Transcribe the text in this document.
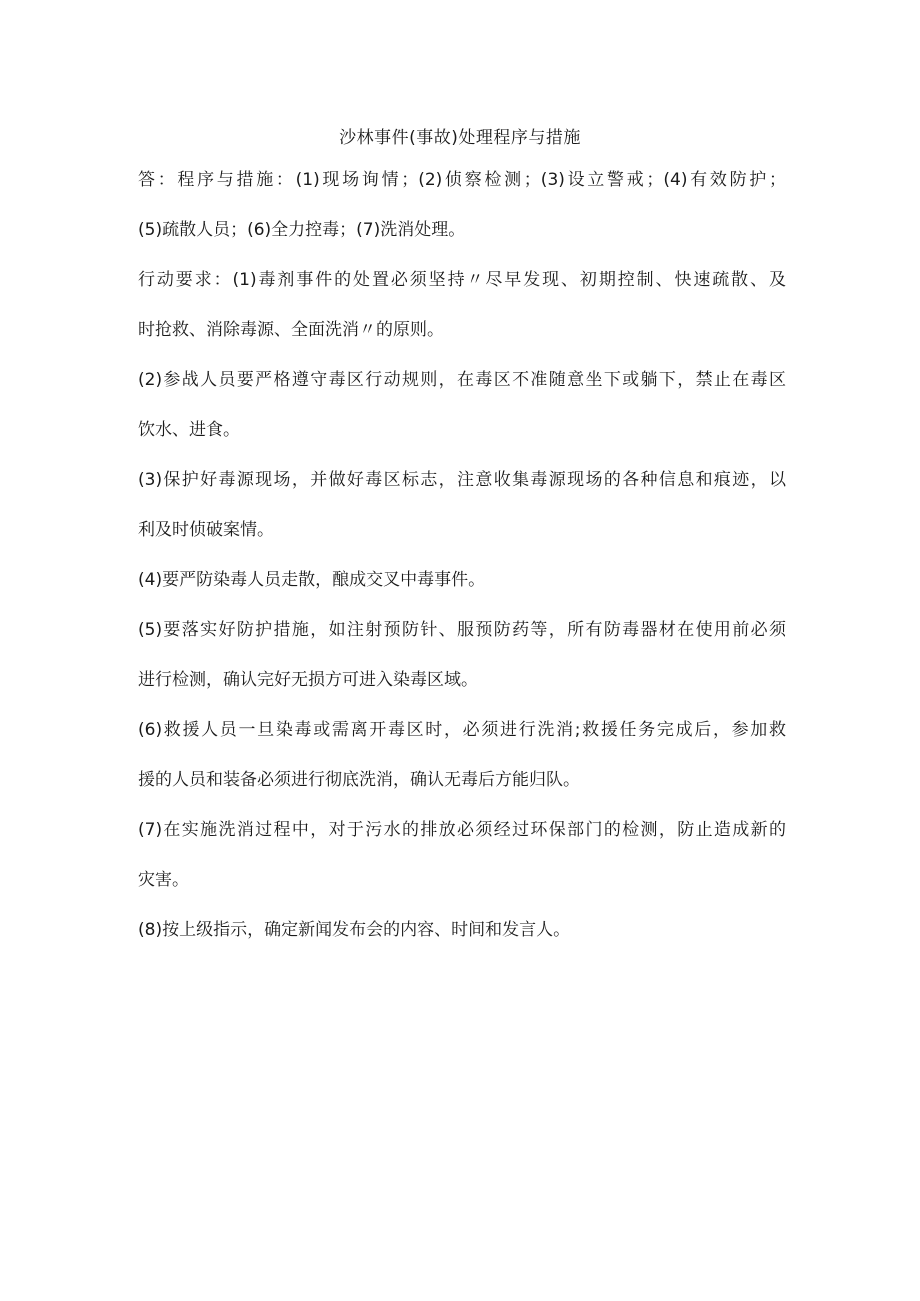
沙林事件(事故)处理程序与措施
答：程序与措施：(1)现场询情；(2)侦察检测；(3)设立警戒；(4)有效防护；
(5)疏散人员；(6)全力控毒；(7)洗消处理。
行动要求：(1)毒剂事件的处置必须坚持〃尽早发现、初期控制、快速疏散、及
时抢救、消除毒源、全面洗消〃的原则。
(2)参战人员要严格遵守毒区行动规则，在毒区不准随意坐下或躺下，禁止在毒区
饮水、进食。
(3)保护好毒源现场，并做好毒区标志，注意收集毒源现场的各种信息和痕迹，以
利及时侦破案情。
(4)要严防染毒人员走散，酿成交叉中毒事件。
(5)要落实好防护措施，如注射预防针、服预防药等，所有防毒器材在使用前必须
进行检测，确认完好无损方可进入染毒区域。
(6)救援人员一旦染毒或需离开毒区时，必须进行洗消;救援任务完成后，参加救
援的人员和装备必须进行彻底洗消，确认无毒后方能归队。
(7)在实施洗消过程中，对于污水的排放必须经过环保部门的检测，防止造成新的
灾害。
(8)按上级指示，确定新闻发布会的内容、时间和发言人。
